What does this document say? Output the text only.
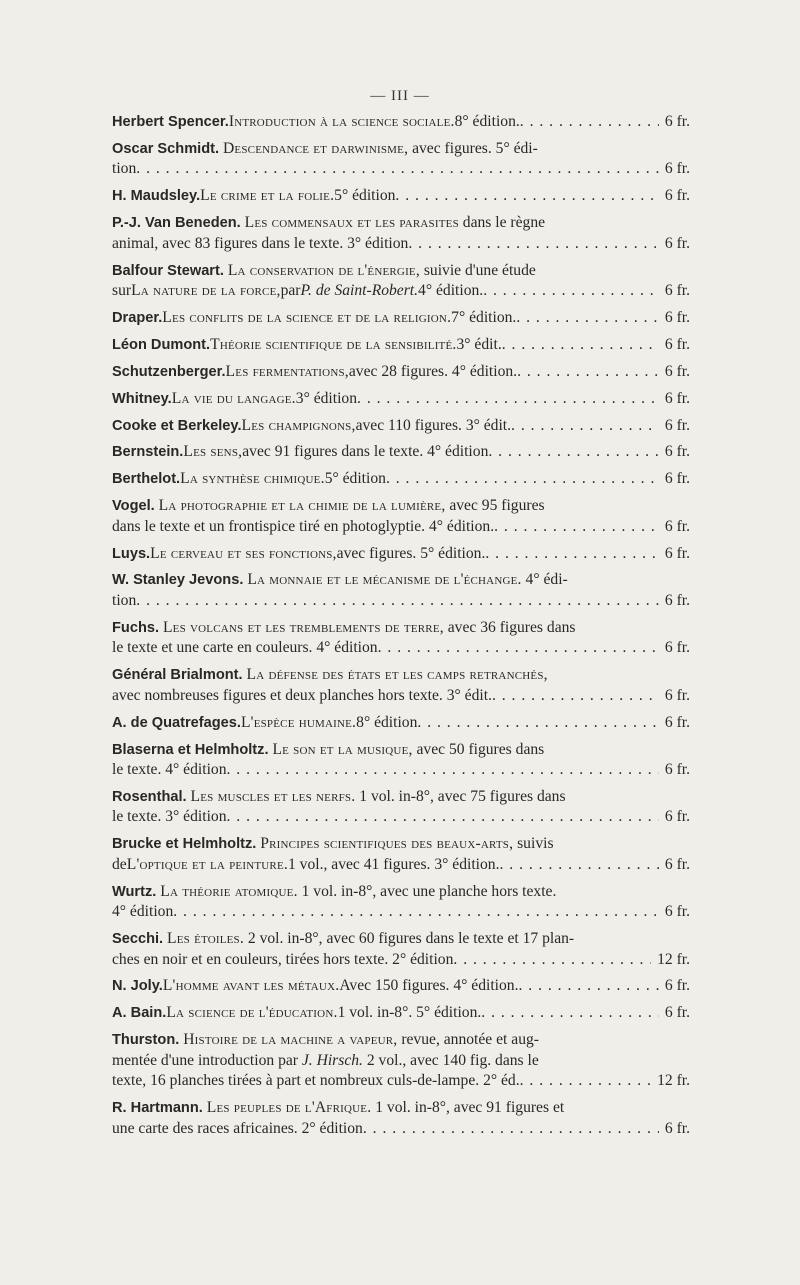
— III —
Herbert Spencer. Introduction à la science sociale. 8° édition. . . .	6 fr.
Oscar Schmidt. Descendance et darwinisme, avec figures. 5° édi-
tion . . .	6 fr.
H. Maudsley. Le crime et la folie. 5° édition . . .	6 fr.
P.-J. Van Beneden. Les commensaux et les parasites dans le règne
animal, avec 83 figures dans le texte. 3° édition . . .	6 fr.
Balfour Stewart. La conservation de l'énergie, suivie d'une étude
sur La nature de la force, par P. de Saint-Robert. 4° édition. . . .	6 fr.
Draper. Les conflits de la science et de la religion. 7° édition. . . .	6 fr.
Léon Dumont. Théorie scientifique de la sensibilité. 3° édit. . . .	6 fr.
Schutzenberger. Les fermentations, avec 28 figures. 4° édition. . . .	6 fr.
Whitney. La vie du langage. 3° édition . . .	6 fr.
Cooke et Berkeley. Les champignons, avec 110 figures. 3° édit. . . .	6 fr.
Bernstein. Les sens, avec 91 figures dans le texte. 4° édition . . .	6 fr.
Berthelot. La synthèse chimique. 5° édition . . .	6 fr.
Vogel. La photographie et la chimie de la lumière, avec 95 figures
dans le texte et un frontispice tiré en photoglyptie. 4° édition. . . .	6 fr.
Luys. Le cerveau et ses fonctions, avec figures. 5° édition. . . .	6 fr.
W. Stanley Jevons. La monnaie et le mécanisme de l'échange. 4° édi-
tion . . .	6 fr.
Fuchs. Les volcans et les tremblements de terre, avec 36 figures dans
le texte et une carte en couleurs. 4° édition . . .	6 fr.
Général Brialmont. La défense des états et les camps retranchés,
avec nombreuses figures et deux planches hors texte. 3° édit. . . .	6 fr.
A. de Quatrefages. L'espèce humaine. 8° édition . . .	6 fr.
Blaserna et Helmholtz. Le son et la musique, avec 50 figures dans
le texte. 4° édition . . .	6 fr.
Rosenthal. Les muscles et les nerfs. 1 vol. in-8°, avec 75 figures dans
le texte. 3° édition . . .	6 fr.
Brucke et Helmholtz. Principes scientifiques des beaux-arts, suivis
de L'optique et la peinture. 1 vol., avec 41 figures. 3° édition. . . .	6 fr.
Wurtz. La théorie atomique. 1 vol. in-8°, avec une planche hors texte.
4° édition . . .	6 fr.
Secchi. Les étoiles. 2 vol. in-8°, avec 60 figures dans le texte et 17 plan-
ches en noir et en couleurs, tirées hors texte. 2° édition . . .	12 fr.
N. Joly. L'homme avant les métaux. Avec 150 figures. 4° édition. . . .	6 fr.
A. Bain. La science de l'éducation. 1 vol. in-8°. 5° édition. . . .	6 fr.
Thurston. Histoire de la machine a vapeur, revue, annotée et aug-
mentée d'une introduction par J. Hirsch. 2 vol., avec 140 fig. dans le
texte, 16 planches tirées à part et nombreux culs-de-lampe. 2° éd. . . .	12 fr.
R. Hartmann. Les peuples de l'Afrique. 1 vol. in-8°, avec 91 figures et
une carte des races africaines. 2° édition . . .	6 fr.
